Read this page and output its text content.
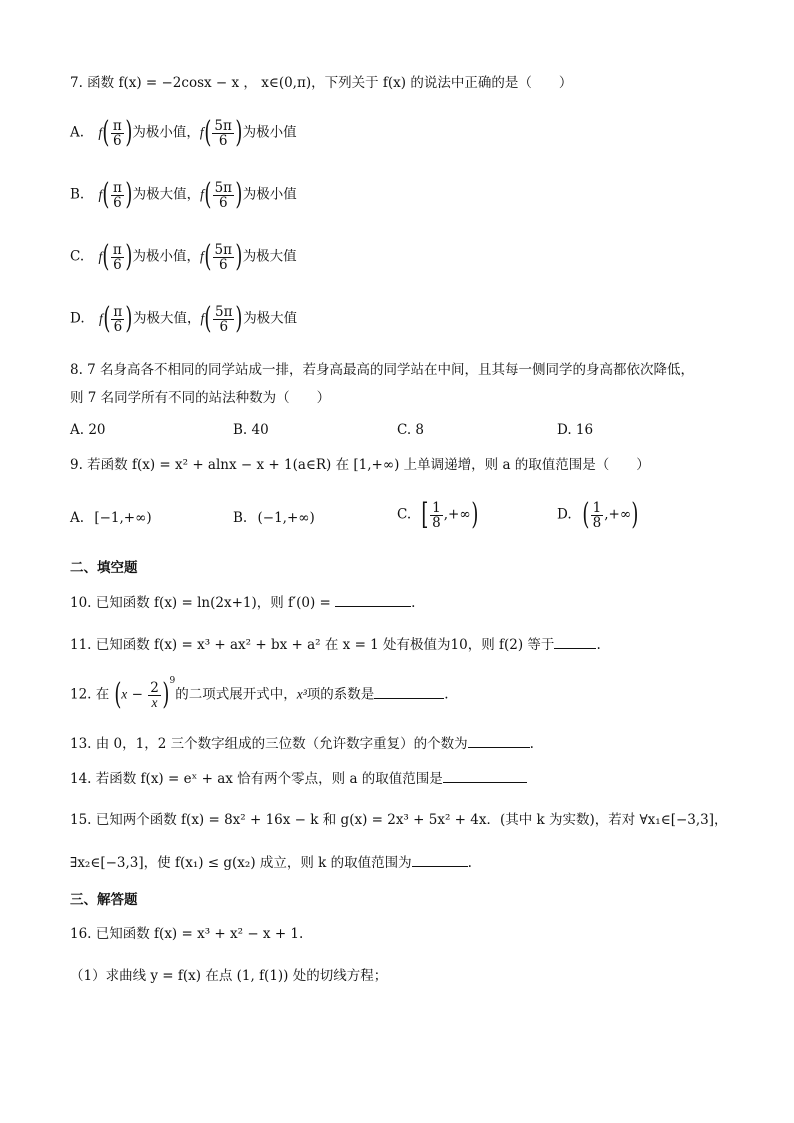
7. 函数 f(x) = −2cosx − x ， x∈(0,π)，下列关于 f(x) 的说法中正确的是（　　）
A. $f( \frac{\pi}{6}$ )为极小值，$f( \frac{5\pi}{6}$ )为极小值
B. $f( \frac{\pi}{6}$ )为极大值，$f( \frac{5\pi}{6}$ )为极小值
C. $f( \frac{\pi}{6}$ )为极小值，$f( \frac{5\pi}{6}$ )为极大值
D. $f( \frac{\pi}{6}$ )为极大值，$f( \frac{5\pi}{6}$ )为极大值
8. 7 名身高各不相同的同学站成一排，若身高最高的同学站在中间，且其每一侧同学的身高都依次降低，
则 7 名同学所有不同的站法种数为（　　）
A. 20	B. 40	C. 8	D. 16
9. 若函数 f(x) = x² + alnx − x + 1(a∈R) 在 [1,+∞) 上单调递增，则 a 的取值范围是（　　）
A. [−1,+∞)	B. (−1,+∞)	C. [ $\frac{1}{8}$ ,+∞)	D. ( $\frac{1}{8}$ ,+∞)
二、填空题
10. 已知函数 f(x) = ln(2x+1)，则 f′(0) =	.
11. 已知函数 f(x) = x³ + ax² + bx + a² 在 x = 1 处有极值为10，则 f(2) 等于	.
12. 在 $(x - \frac{2}{x} )^9$的二项式展开式中，x³项的系数是	.
13. 由 0，1，2 三个数字组成的三位数（允许数字重复）的个数为	.
14. 若函数 f(x) = eˣ + ax 恰有两个零点，则 a 的取值范围是
15. 已知两个函数 f(x) = 8x² + 16x − k 和 g(x) = 2x³ + 5x² + 4x．(其中 k 为实数)，若对 ∀x₁∈[−3,3]，
∃x₂∈[−3,3]，使 f(x₁) ≤ g(x₂) 成立，则 k 的取值范围为	.
三、解答题
16. 已知函数 f(x) = x³ + x² − x + 1.
（1）求曲线 y = f(x) 在点 (1, f(1)) 处的切线方程；
